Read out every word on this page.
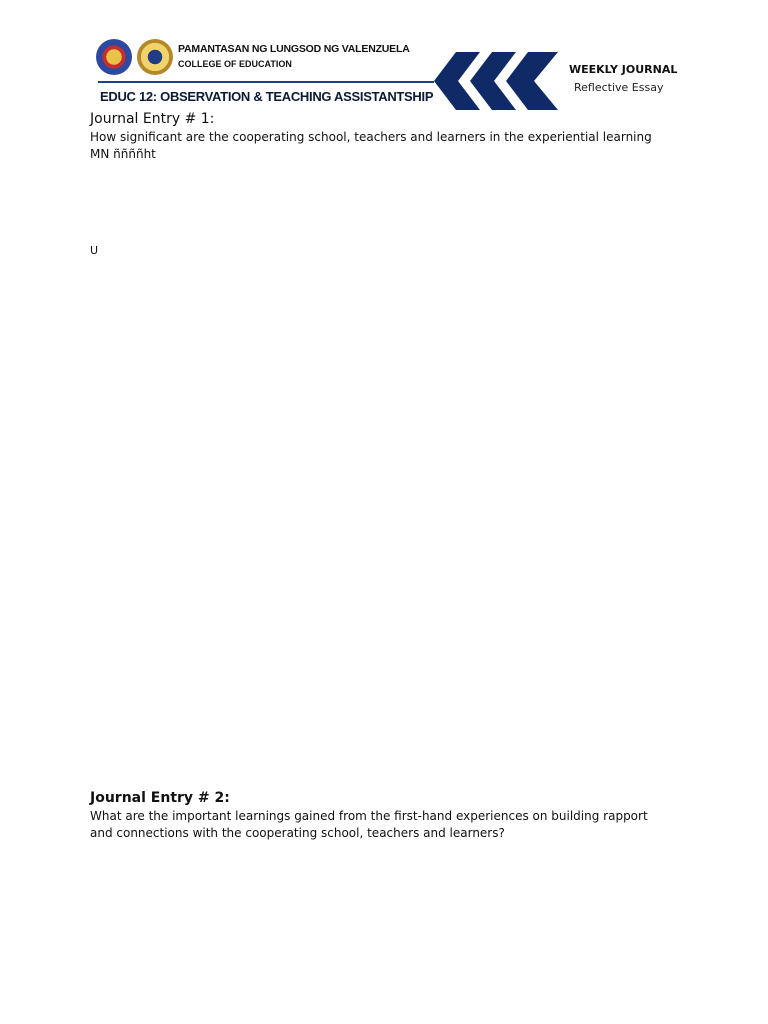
PAMANTASAN NG LUNGSOD NG VALENZUELA
COLLEGE OF EDUCATION
EDUC 12: OBSERVATION & TEACHING ASSISTANTSHIP
WEEKLY JOURNAL
Reflective Essay
Journal Entry # 1:
How significant are the cooperating school, teachers and learners in the experiential learning
MN ññññht
U
Journal Entry # 2:
What are the important learnings gained from the first-hand experiences on building rapport
and connections with the cooperating school, teachers and learners?
